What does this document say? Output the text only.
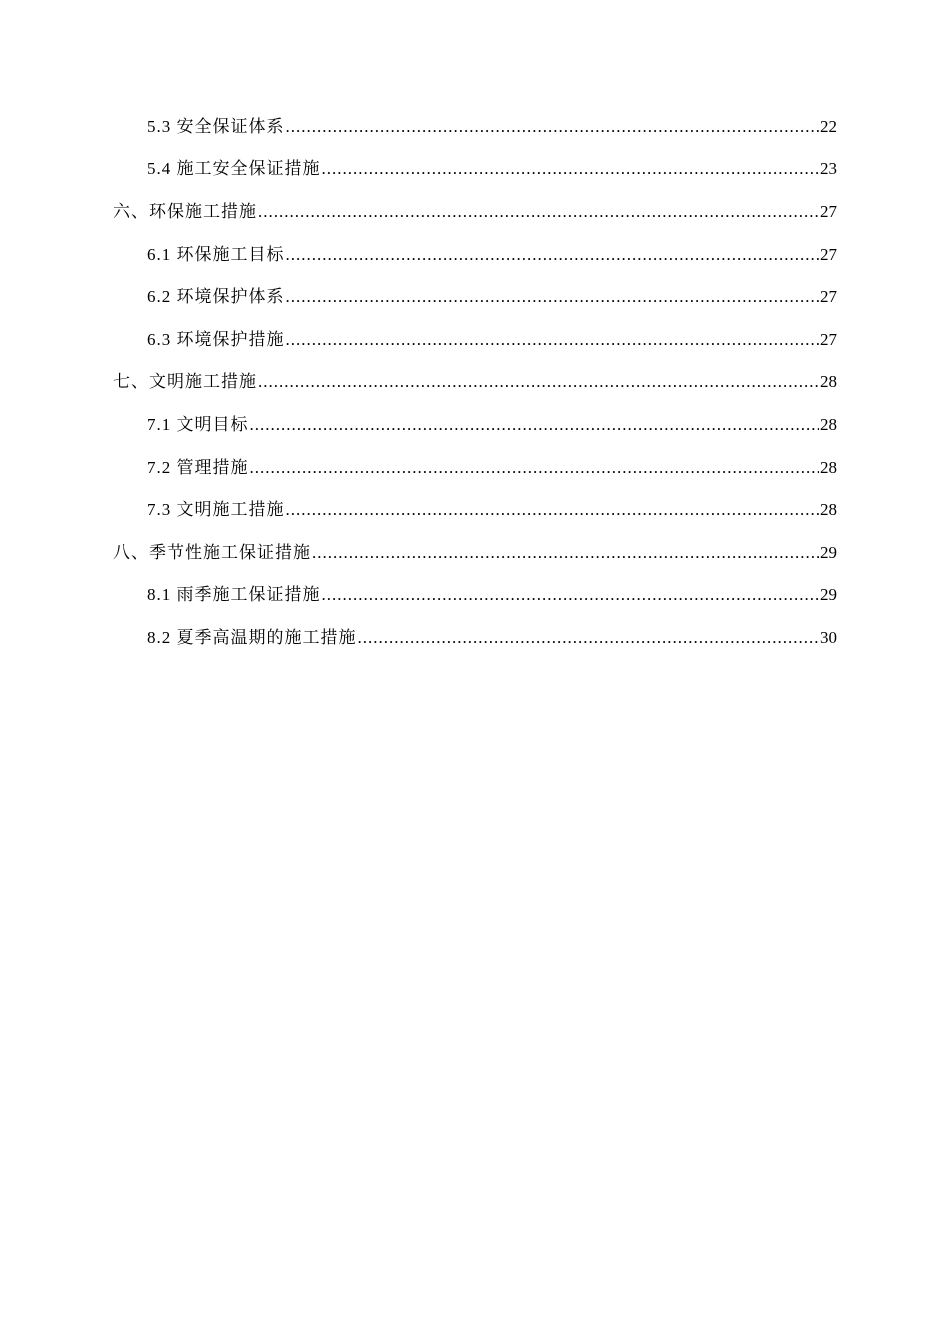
5.3 安全保证体系 .....	22
5.4 施工安全保证措施 .....	23
六、环保施工措施 .....	27
6.1 环保施工目标 .....	27
6.2 环境保护体系 .....	27
6.3 环境保护措施 .....	27
七、文明施工措施 .....	28
7.1 文明目标 .....	28
7.2 管理措施 .....	28
7.3 文明施工措施 .....	28
八、季节性施工保证措施 .....	29
8.1 雨季施工保证措施 .....	29
8.2 夏季高温期的施工措施 .....	30
